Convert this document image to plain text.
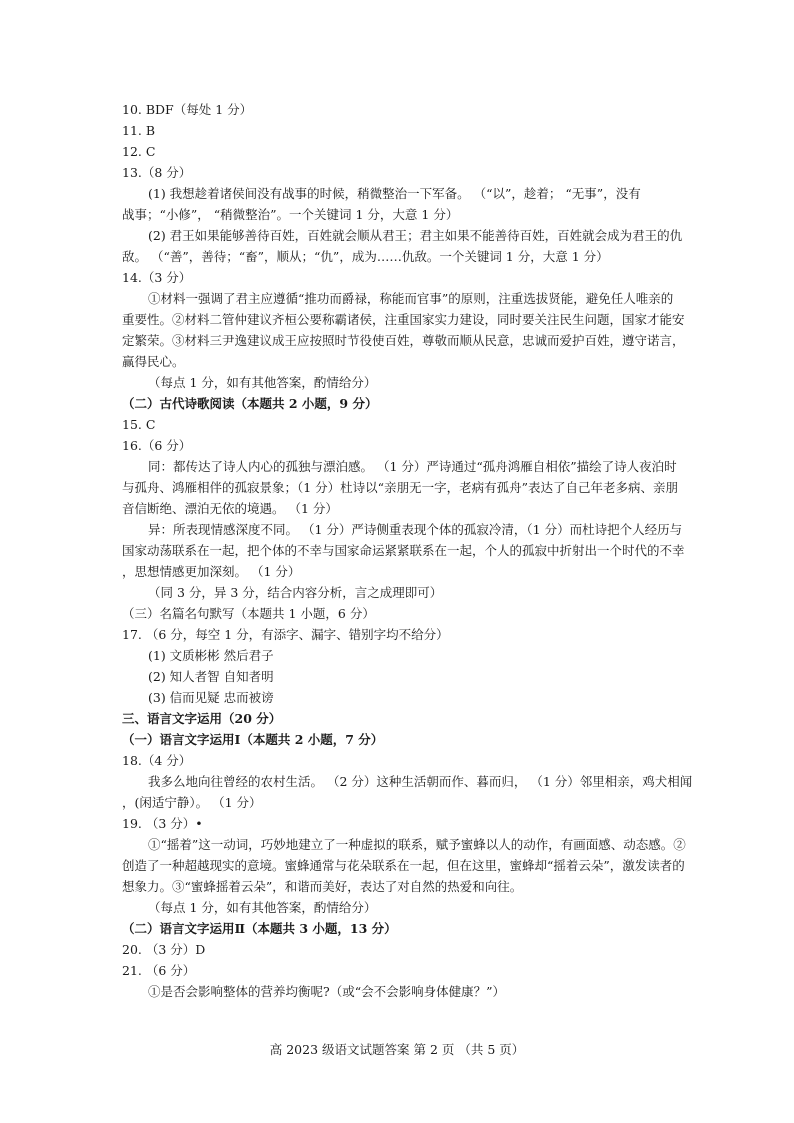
10. BDF（每处 1 分）
11. B
12. C
13.（8 分）
(1) 我想趁着诸侯间没有战事的时候，稍微整治一下军备。 （“以”，趁着； “无事”，没有
战事；“小修”， “稍微整治”。一个关键词 1 分，大意 1 分）
(2) 君王如果能够善待百姓，百姓就会顺从君王；君主如果不能善待百姓，百姓就会成为君王的仇
敌。 （“善”，善待；“畜”，顺从；“仇”，成为……仇敌。一个关键词 1 分，大意 1 分）
14.（3 分）
①材料一强调了君主应遵循“推功而爵禄，称能而官事”的原则，注重选拔贤能，避免任人唯亲的
重要性。②材料二管仲建议齐桓公要称霸诸侯，注重国家实力建设，同时要关注民生问题，国家才能安
定繁荣。③材料三尹逸建议成王应按照时节役使百姓，尊敬而顺从民意，忠诚而爱护百姓，遵守诺言，
赢得民心。
（每点 1 分，如有其他答案，酌情给分）
（二）古代诗歌阅读（本题共 2 小题，9 分）
15. C
16.（6 分）
同：都传达了诗人内心的孤独与漂泊感。 （1 分）严诗通过“孤舟鸿雁自相依”描绘了诗人夜泊时
与孤舟、鸿雁相伴的孤寂景象；（1 分）杜诗以“亲朋无一字，老病有孤舟”表达了自己年老多病、亲朋
音信断绝、漂泊无依的境遇。 （1 分）
异：所表现情感深度不同。 （1 分）严诗侧重表现个体的孤寂冷清，（1 分）而杜诗把个人经历与
国家动荡联系在一起，把个体的不幸与国家命运紧紧联系在一起，个人的孤寂中折射出一个时代的不幸
，思想情感更加深刻。 （1 分）
（同 3 分，异 3 分，结合内容分析，言之成理即可）
（三）名篇名句默写（本题共 1 小题，6 分）
17. （6 分，每空 1 分，有添字、漏字、错别字均不给分）
(1) 文质彬彬 然后君子
(2) 知人者智 自知者明
(3) 信而见疑 忠而被谤
三、语言文字运用（20 分）
（一）语言文字运用Ⅰ（本题共 2 小题，7 分）
18.（4 分）
我多么地向往曾经的农村生活。 （2 分）这种生活朝而作、暮而归， （1 分）邻里相亲，鸡犬相闻
，(闲适宁静）。 （1 分）
19. （3 分）•
①“摇着”这一动词，巧妙地建立了一种虚拟的联系，赋予蜜蜂以人的动作，有画面感、动态感。②
创造了一种超越现实的意境。蜜蜂通常与花朵联系在一起，但在这里，蜜蜂却“摇着云朵”，激发读者的
想象力。③“蜜蜂摇着云朵”，和谐而美好，表达了对自然的热爱和向往。
（每点 1 分，如有其他答案，酌情给分）
（二）语言文字运用Ⅱ（本题共 3 小题，13 分）
20. （3 分）D
21. （6 分）
①是否会影响整体的营养均衡呢?（或“会不会影响身体健康？”）
高 2023 级语文试题答案 第 2 页 （共 5 页）
